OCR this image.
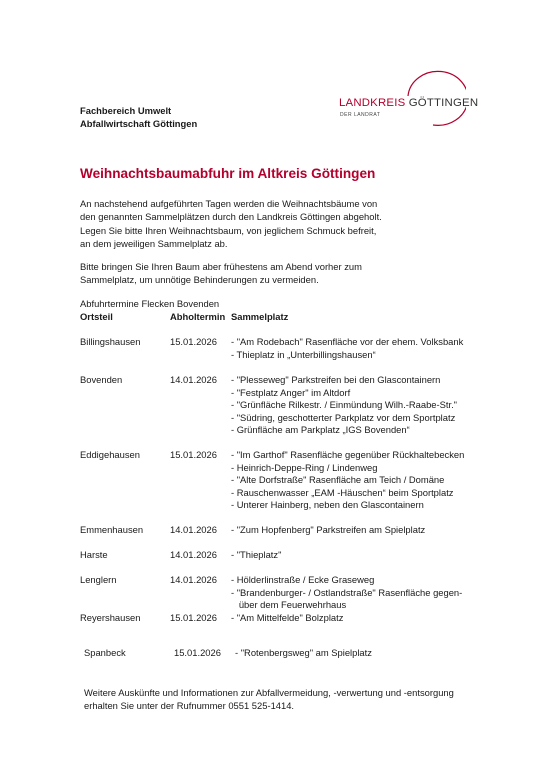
Fachbereich Umwelt
Abfallwirtschaft Göttingen
LANDKREIS GÖTTINGEN
DER LANDRAT
Weihnachtsbaumabfuhr im Altkreis Göttingen
An nachstehend aufgeführten Tagen werden die Weihnachtsbäume von
den genannten Sammelplätzen durch den Landkreis Göttingen abgeholt.
Legen Sie bitte Ihren Weihnachtsbaum, von jeglichem Schmuck befreit,
an dem jeweiligen Sammelplatz ab.
Bitte bringen Sie Ihren Baum aber frühestens am Abend vorher zum
Sammelplatz, um unnötige Behinderungen zu vermeiden.
Abfuhrtermine Flecken Bovenden
Ortsteil	Abholtermin Sammelplatz
Billingshausen	15.01.2026 - "Am Rodebach" Rasenfläche vor der ehem. Volksbank
- Thieplatz in „Unterbillingshausen“
Bovenden	14.01.2026 - "Plesseweg" Parkstreifen bei den Glascontainern
- "Festplatz Anger" im Altdorf
- "Grünfläche Rilkestr. / Einmündung Wilh.-Raabe-Str."
- "Südring, geschotterter Parkplatz vor dem Sportplatz
- Grünfläche am Parkplatz „IGS Bovenden“
Eddigehausen	15.01.2026 - "Im Garthof" Rasenfläche gegenüber Rückhaltebecken
- Heinrich-Deppe-Ring / Lindenweg
- "Alte Dorfstraße" Rasenfläche am Teich / Domäne
- Rauschenwasser „EAM -Häuschen“ beim Sportplatz
- Unterer Hainberg, neben den Glascontainern
Emmenhausen	14.01.2026 - "Zum Hopfenberg" Parkstreifen am Spielplatz
Harste	14.01.2026 - "Thieplatz"
Lenglern	14.01.2026 - Hölderlinstraße / Ecke Graseweg
- "Brandenburger- / Ostlandstraße" Rasenfläche gegen-
über dem Feuerwehrhaus
Reyershausen	15.01.2026 - "Am Mittelfelde" Bolzplatz
Spanbeck	15.01.2026 - "Rotenbergsweg" am Spielplatz
Weitere Auskünfte und Informationen zur Abfallvermeidung, -verwertung und -entsorgung
erhalten Sie unter der Rufnummer 0551 525-1414.
